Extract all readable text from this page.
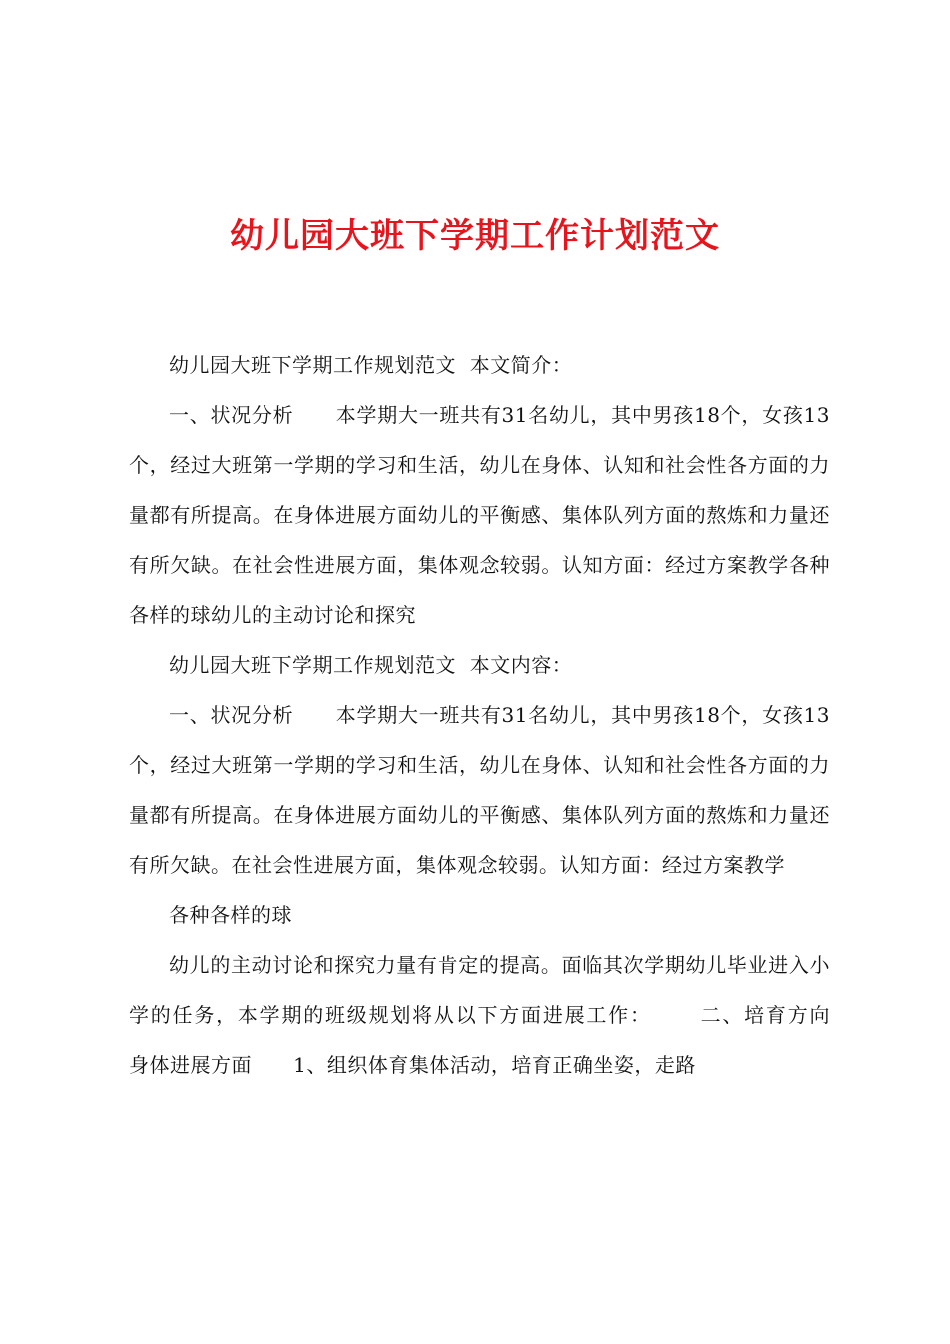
幼儿园大班下学期工作计划范文

幼儿园大班下学期工作规划范文  本文简介：

一、状况分析      本学期大一班共有31名幼儿，其中男孩18个，女孩13个，经过大班第一学期的学习和生活，幼儿在身体、认知和社会性各方面的力量都有所提高。在身体进展方面幼儿的平衡感、集体队列方面的熬炼和力量还有所欠缺。在社会性进展方面，集体观念较弱。认知方面：经过方案教学各种各样的球幼儿的主动讨论和探究

幼儿园大班下学期工作规划范文  本文内容：

一、状况分析      本学期大一班共有31名幼儿，其中男孩18个，女孩13个，经过大班第一学期的学习和生活，幼儿在身体、认知和社会性各方面的力量都有所提高。在身体进展方面幼儿的平衡感、集体队列方面的熬炼和力量还有所欠缺。在社会性进展方面，集体观念较弱。认知方面：经过方案教学

各种各样的球

幼儿的主动讨论和探究力量有肯定的提高。面临其次学期幼儿毕业进入小学的任务，本学期的班级规划将从以下方面进展工作：      二、培育方向      身体进展方面      1、组织体育集体活动，培育正确坐姿，走路
